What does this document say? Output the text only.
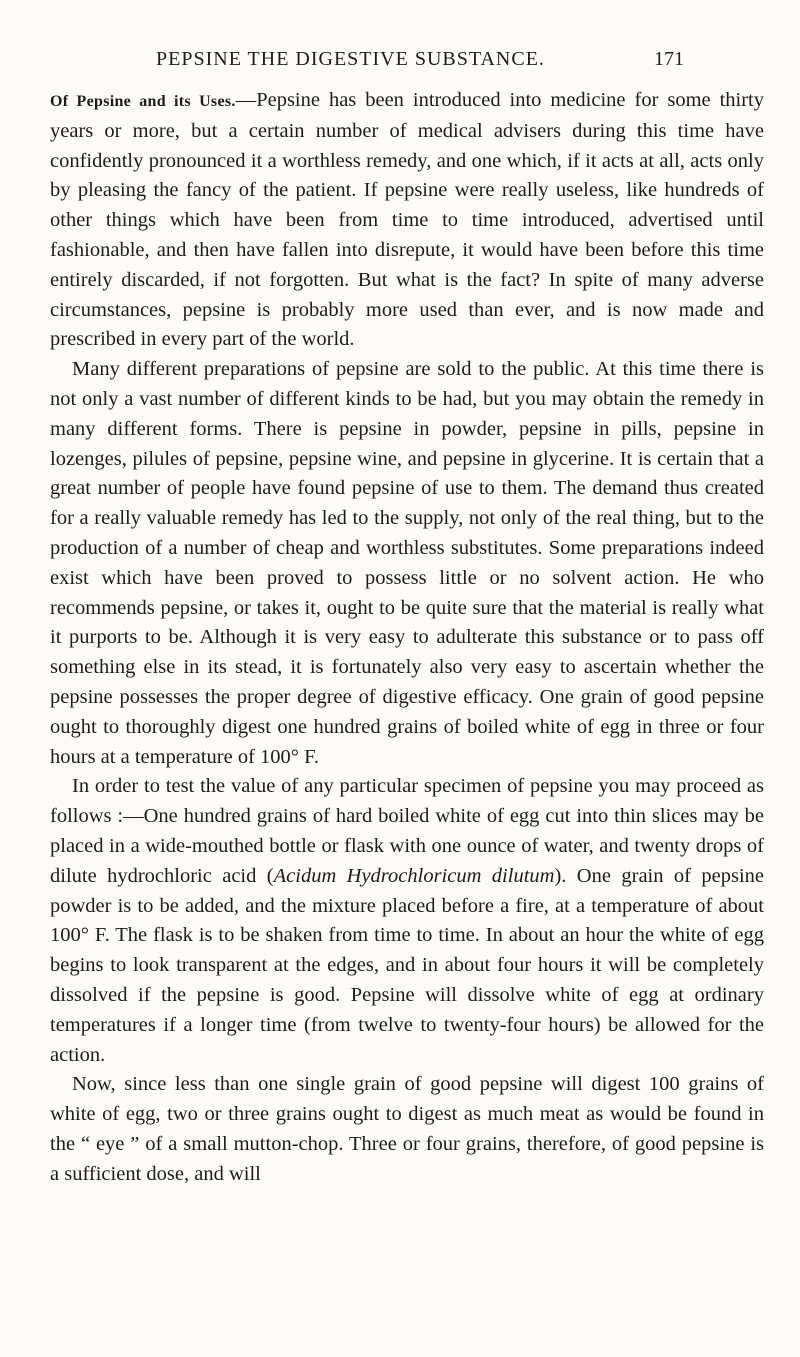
PEPSINE THE DIGESTIVE SUBSTANCE.	171

Of Pepsine and its Uses.—Pepsine has been introduced into medicine for some thirty years or more, but a certain number of medical advisers during this time have confidently pronounced it a worthless remedy, and one which, if it acts at all, acts only by pleasing the fancy of the patient. If pepsine were really useless, like hundreds of other things which have been from time to time introduced, advertised until fashionable, and then have fallen into disrepute, it would have been before this time entirely discarded, if not forgotten. But what is the fact? In spite of many adverse circumstances, pepsine is probably more used than ever, and is now made and prescribed in every part of the world.

Many different preparations of pepsine are sold to the public. At this time there is not only a vast number of different kinds to be had, but you may obtain the remedy in many different forms. There is pepsine in powder, pepsine in pills, pepsine in lozenges, pilules of pepsine, pepsine wine, and pepsine in glycerine. It is certain that a great number of people have found pepsine of use to them. The demand thus created for a really valuable remedy has led to the supply, not only of the real thing, but to the production of a number of cheap and worthless substitutes. Some preparations indeed exist which have been proved to possess little or no solvent action. He who recommends pepsine, or takes it, ought to be quite sure that the material is really what it purports to be. Although it is very easy to adulterate this substance or to pass off something else in its stead, it is fortunately also very easy to ascertain whether the pepsine possesses the proper degree of digestive efficacy. One grain of good pepsine ought to thoroughly digest one hundred grains of boiled white of egg in three or four hours at a temperature of 100° F.

In order to test the value of any particular specimen of pepsine you may proceed as follows :—One hundred grains of hard boiled white of egg cut into thin slices may be placed in a wide-mouthed bottle or flask with one ounce of water, and twenty drops of dilute hydrochloric acid (Acidum Hydrochloricum dilutum). One grain of pepsine powder is to be added, and the mixture placed before a fire, at a temperature of about 100° F. The flask is to be shaken from time to time. In about an hour the white of egg begins to look transparent at the edges, and in about four hours it will be completely dissolved if the pepsine is good. Pepsine will dissolve white of egg at ordinary temperatures if a longer time (from twelve to twenty-four hours) be allowed for the action.

Now, since less than one single grain of good pepsine will digest 100 grains of white of egg, two or three grains ought to digest as much meat as would be found in the “ eye ” of a small mutton-chop. Three or four grains, therefore, of good pepsine is a sufficient dose, and will
